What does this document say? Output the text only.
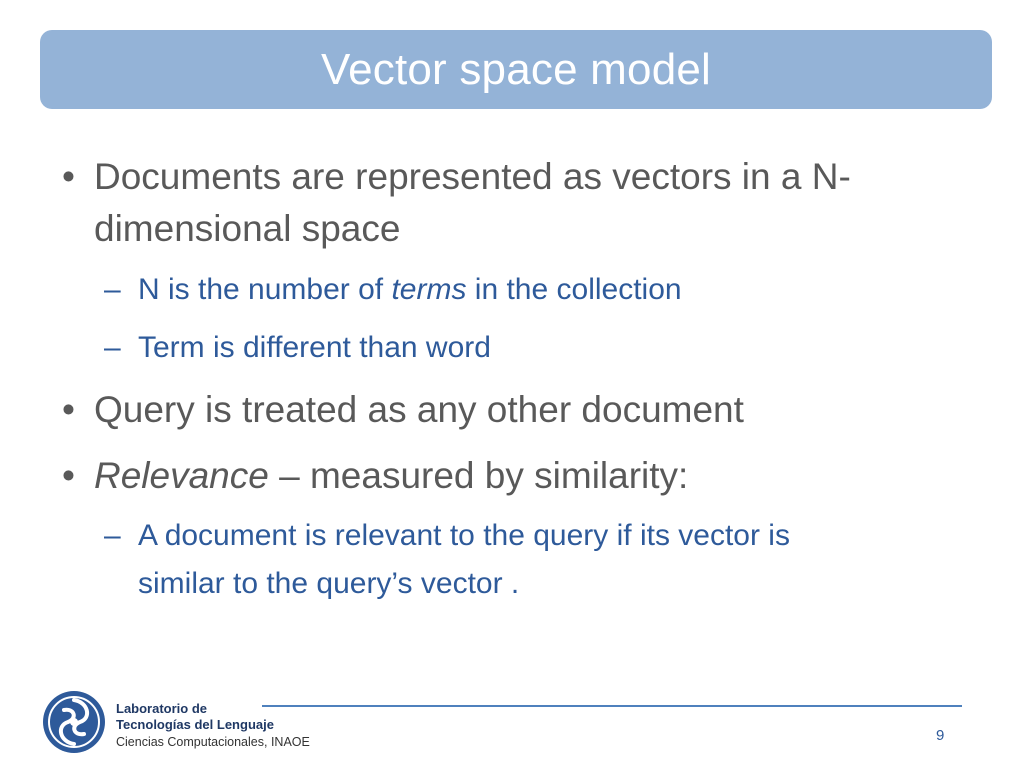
Vector space model
• Documents are represented as vectors in a N-
dimensional space
– N is the number of terms in the collection
– Term is different than word
• Query is treated as any other document
• Relevance – measured by similarity:
– A document is relevant to the query if its vector is
similar to the query’s vector .
Laboratorio de
Tecnologías del Lenguaje
Ciencias Computacionales, INAOE	9
